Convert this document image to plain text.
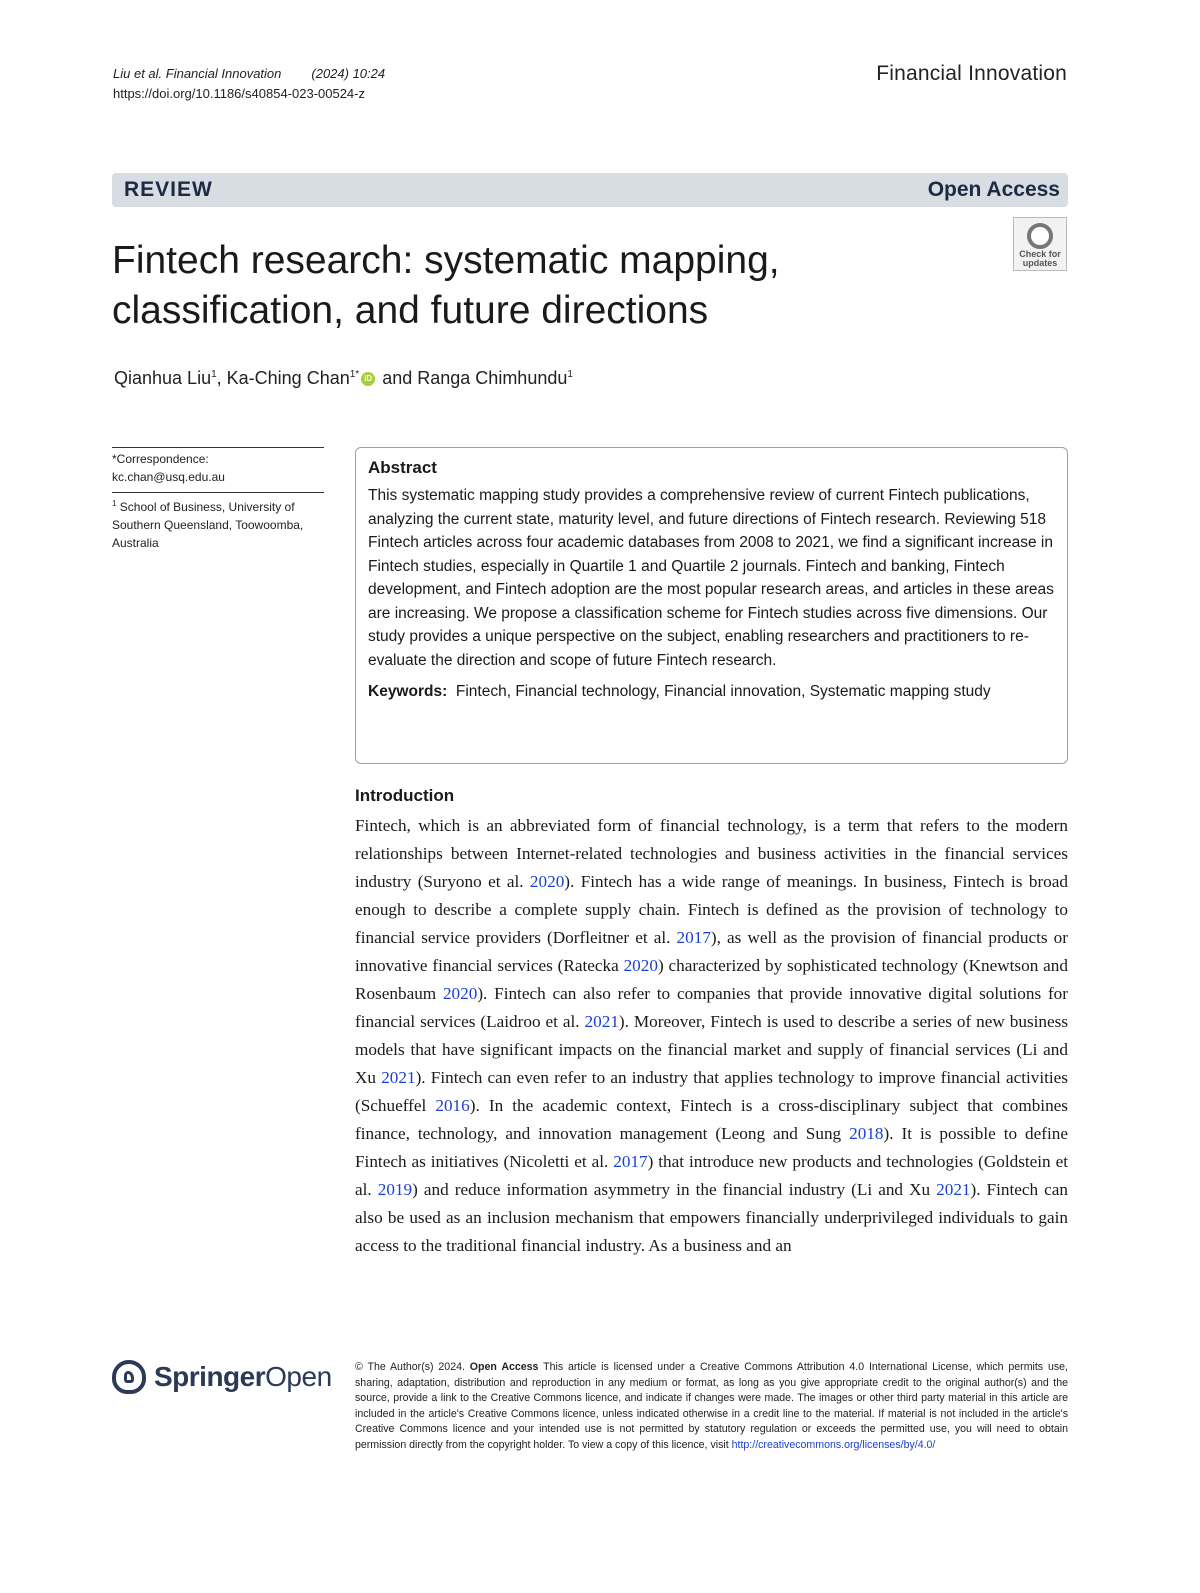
Liu et al. Financial Innovation (2024) 10:24
https://doi.org/10.1186/s40854-023-00524-z
Financial Innovation
REVIEW	Open Access
Fintech research: systematic mapping, classification, and future directions
Check for
updates
Qianhua Liu$^1$, Ka-Ching Chan$^{1*}$ iD and Ranga Chimhundu$^1$
*Correspondence:
kc.chan@usq.edu.au
$^1$ School of Business, University of Southern Queensland, Toowoomba, Australia
Abstract

This systematic mapping study provides a comprehensive review of current Fintech publications, analyzing the current state, maturity level, and future directions of Fintech research. Reviewing 518 Fintech articles across four academic databases from 2008 to 2021, we find a significant increase in Fintech studies, especially in Quartile 1 and Quartile 2 journals. Fintech and banking, Fintech development, and Fintech adoption are the most popular research areas, and articles in these areas are increasing. We propose a classification scheme for Fintech studies across five dimensions. Our study provides a unique perspective on the subject, enabling researchers and practitioners to re-evaluate the direction and scope of future Fintech research.

Keywords: Fintech, Financial technology, Financial innovation, Systematic mapping study

Introduction
Fintech, which is an abbreviated form of financial technology, is a term that refers to the modern relationships between Internet-related technologies and business activities in the financial services industry (Suryono et al. 2020). Fintech has a wide range of meanings. In business, Fintech is broad enough to describe a complete supply chain. Fintech is defined as the provision of technology to financial service providers (Dorfleitner et al. 2017), as well as the provision of financial products or innovative financial services (Ratecka 2020) characterized by sophisticated technology (Knewtson and Rosenbaum 2020). Fintech can also refer to companies that provide innovative digital solutions for financial services (Laidroo et al. 2021). Moreover, Fintech is used to describe a series of new business models that have significant impacts on the financial market and supply of financial services (Li and Xu 2021). Fintech can even refer to an industry that applies technology to improve financial activities (Schueffel 2016). In the academic context, Fintech is a cross-disciplinary subject that combines finance, technology, and innovation management (Leong and Sung 2018). It is possible to define Fintech as initiatives (Nicoletti et al. 2017) that introduce new products and technologies (Goldstein et al. 2019) and reduce information asymmetry in the financial industry (Li and Xu 2021). Fintech can also be used as an inclusion mechanism that empowers financially underprivileged individuals to gain access to the traditional financial industry. As a business and an
SpringerOpen © The Author(s) 2024. Open Access This article is licensed under a Creative Commons Attribution 4.0 International License, which permits use, sharing, adaptation, distribution and reproduction in any medium or format, as long as you give appropriate credit to the original author(s) and the source, provide a link to the Creative Commons licence, and indicate if changes were made. The images or other third party material in this article are included in the article's Creative Commons licence, unless indicated otherwise in a credit line to the material. If material is not included in the article's Creative Commons licence and your intended use is not permitted by statutory regulation or exceeds the permitted use, you will need to obtain permission directly from the copyright holder. To view a copy of this licence, visit http://creativecommons.org/licenses/by/4.0/
